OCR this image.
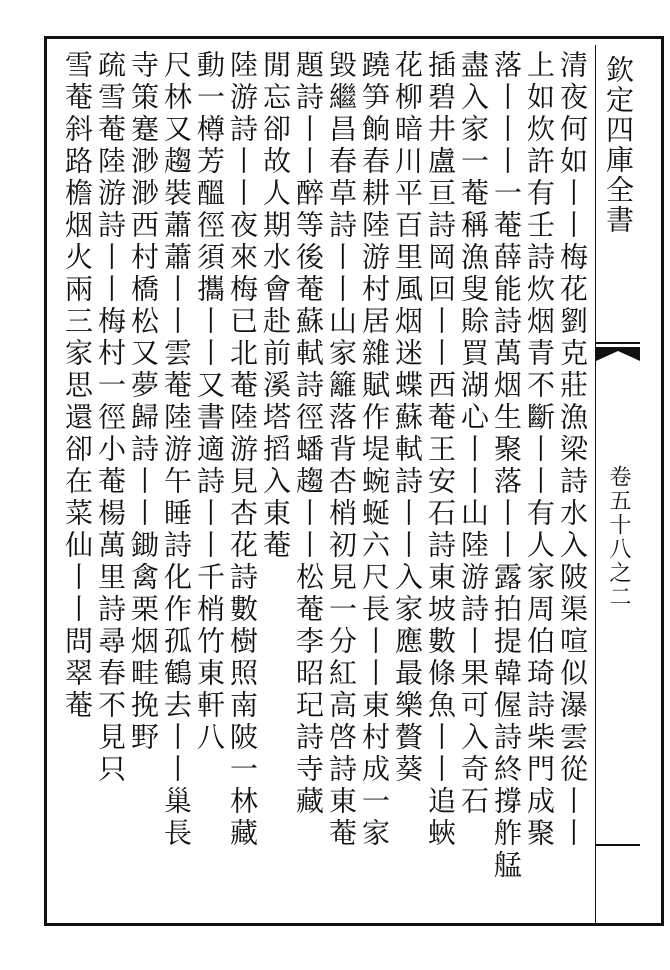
欽定四庫全書
卷五十八之二
清夜何如丨丨梅花劉克莊漁梁詩水入陂渠喧似瀑雲從丨丨
上如炊許有壬詩炊烟青不斷丨丨有人家周伯琦詩柴門成聚
落丨丨丨一菴薛能詩萬烟生聚落丨丨露拍提韓偓詩終撐舴艋
盡入家一菴稱漁叟賒買湖心丨丨山陸游詩丨果可入奇石
插碧井盧亘詩岡回丨丨西菴王安石詩東坡數條魚丨丨追蛺
花柳暗川平百里風烟迷蝶蘇軾詩丨丨入家應最樂贅葵
蹺笋餉春耕陸游村居雜賦作堤蜿蜒六尺長丨丨東村成一家
毀繼昌春草詩丨丨山家籬落背杏梢初見一分紅高啓詩東菴
題詩丨丨醉等後菴蘇軾詩徑蟠趨丨丨松菴李昭玘詩寺藏
閒忘卻故人期水會赴前溪塔搯入東菴
陸游詩丨丨夜來梅已北菴陸游見杏花詩數樹照南陂一林藏
動一樽芳醞徑須攜丨丨又書適詩丨丨千梢竹東軒八
尺林又趨裝蕭蕭丨丨雲菴陸游午睡詩化作孤鶴去丨丨巢長
寺策蹇渺渺西村橋松又夢歸詩丨丨鋤禽栗烟畦挽野
疏雪菴陸游詩丨丨梅村一徑小菴楊萬里詩尋春不見只
雪菴斜路檐烟火兩三家思還卻在菜仙丨丨問翠菴
